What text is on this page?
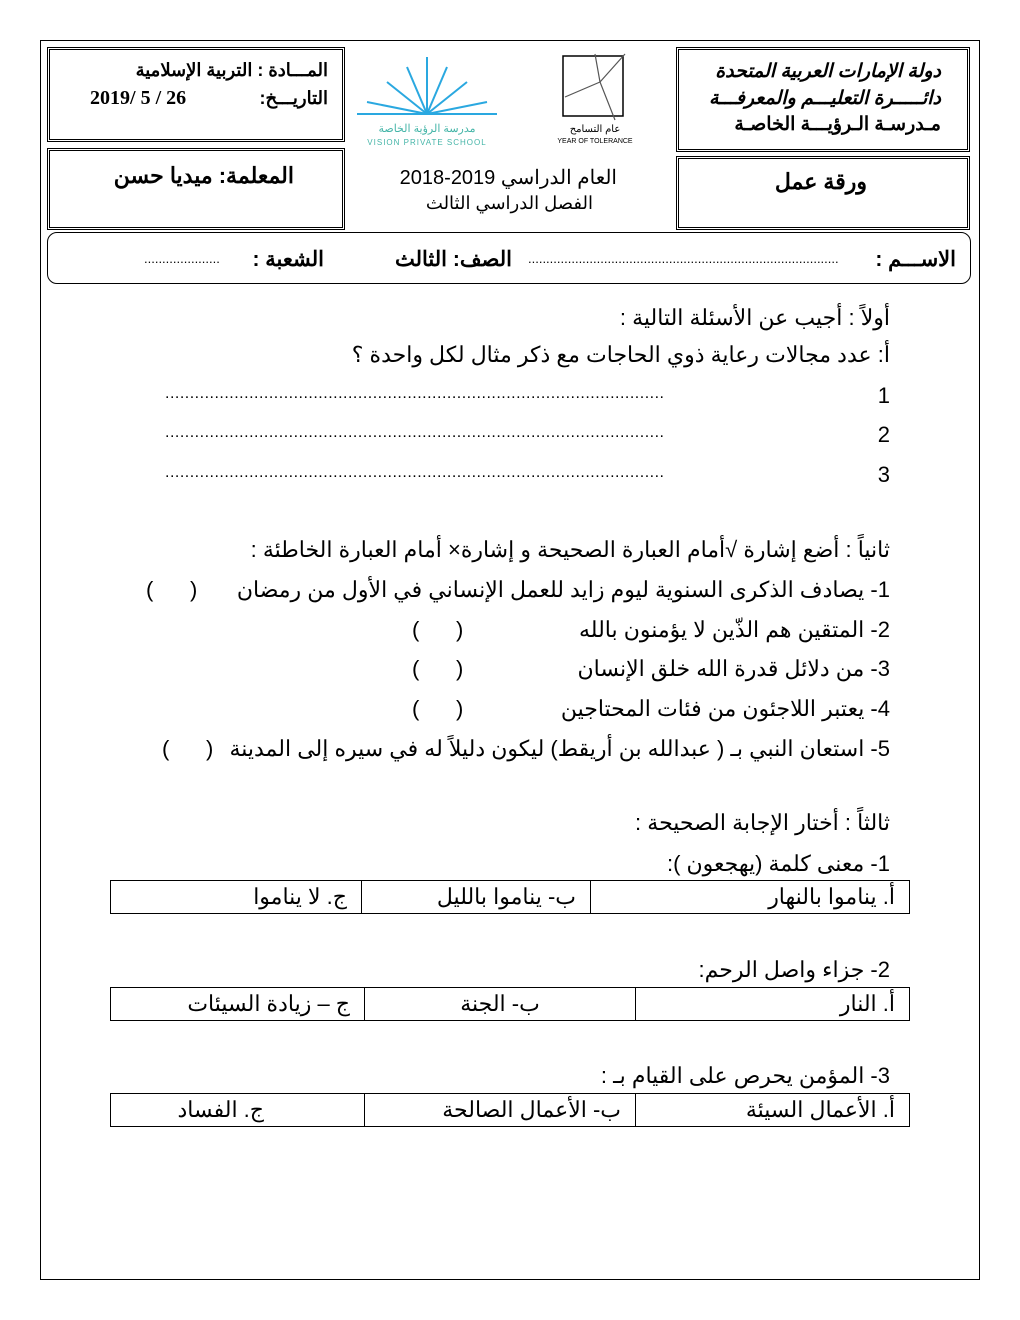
دولة الإمارات العربية المتحدة
دائـــــرة التعليـــم والمعرفـــة
مـدرسـة الـرؤيـــة الخاصـة
ورقة عمل
المـــادة : التربية الإسلامية
التاريـــخ:
26 / 5 /2019
المعلمة: ميديا حسن
مدرسة الرؤية الخاصة
VISION PRIVATE SCHOOL
عام التسامح
YEAR OF TOLERANCE
العام الدراسي 2019-2018
الفصل الدراسي الثالث
الاســـم :
......................................................................................
الصف: الثالث
الشعبة :
.....................
أولاً : أجيب عن الأسئلة التالية :
أ: عدد مجالات رعاية ذوي الحاجات مع ذكر مثال لكل واحدة ؟
1
.....................................................................................................
2
.....................................................................................................
3
.....................................................................................................
ثانياً : أضع إشارة √أمام العبارة الصحيحة و إشارة× أمام العبارة الخاطئة :
1- يصادف الذكرى السنوية ليوم زايد للعمل الإنساني في الأول من رمضان
(      )
2- المتقين هم الذّين لا يؤمنون بالله
(      )
3- من دلائل قدرة الله خلق الإنسان
(      )
4- يعتبر اللاجئون من فئات المحتاجين
(      )
5- استعان النبي بـ ( عبدالله بن أريقط) ليكون دليلاً له في سيره إلى المدينة
(      )
ثالثاً : أختار الإجابة الصحيحة :
1- معنى كلمة (يهجعون ):
أ. يناموا بالنهار	ب- يناموا بالليل	ج. لا يناموا
2- جزاء واصل الرحم:
أ. النار	ب- الجنة	ج – زيادة السيئات
3- المؤمن يحرص على القيام بـ :
أ. الأعمال السيئة	ب- الأعمال الصالحة	ج. الفساد
